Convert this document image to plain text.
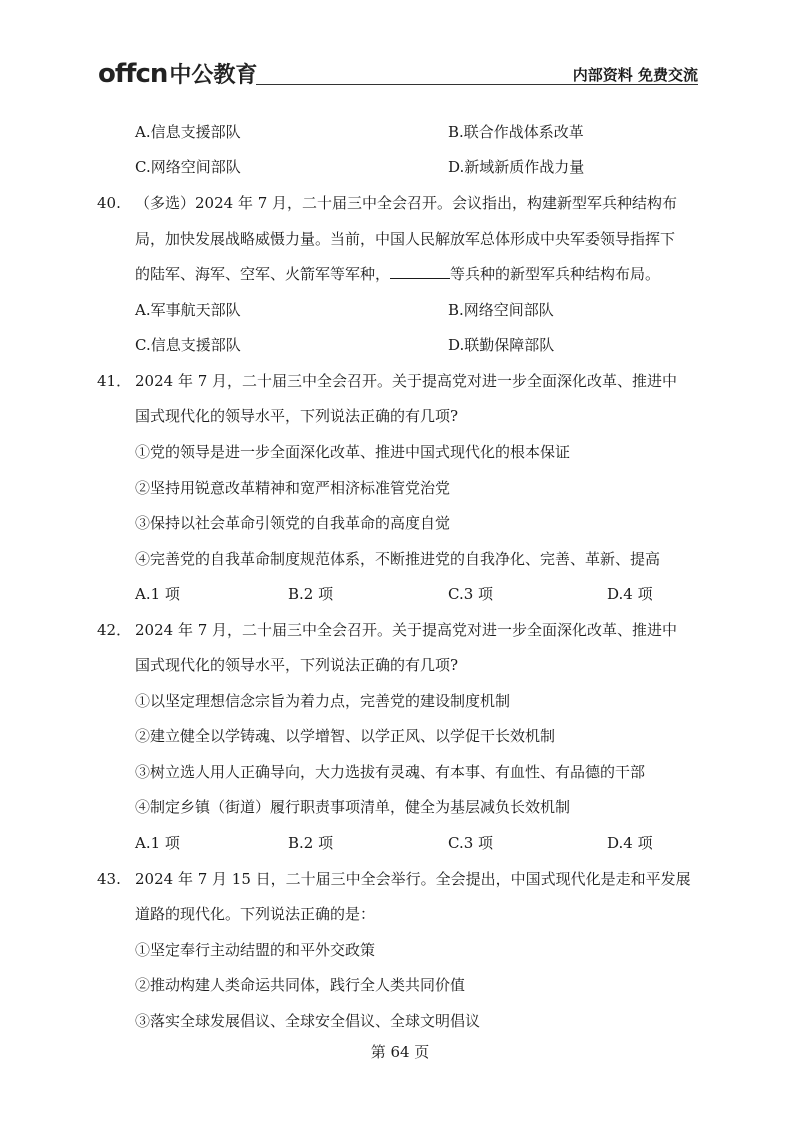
offcn 中公教育	内部资料 免费交流
A.信息支援部队	B.联合作战体系改革
C.网络空间部队	D.新域新质作战力量
40. （多选）2024 年 7 月，二十届三中全会召开。会议指出，构建新型军兵种结构布
局，加快发展战略威慑力量。当前，中国人民解放军总体形成中央军委领导指挥下
的陆军、海军、空军、火箭军等军种，	等兵种的新型军兵种结构布局。
A.军事航天部队	B.网络空间部队
C.信息支援部队	D.联勤保障部队
41． 2024 年 7 月，二十届三中全会召开。关于提高党对进一步全面深化改革、推进中
国式现代化的领导水平，下列说法正确的有几项?
①党的领导是进一步全面深化改革、推进中国式现代化的根本保证
②坚持用锐意改革精神和宽严相济标准管党治党
③保持以社会革命引领党的自我革命的高度自觉
④完善党的自我革命制度规范体系，不断推进党的自我净化、完善、革新、提高
A.1 项	B.2 项	C.3 项	D.4 项
42． 2024 年 7 月，二十届三中全会召开。关于提高党对进一步全面深化改革、推进中
国式现代化的领导水平，下列说法正确的有几项?
①以坚定理想信念宗旨为着力点，完善党的建设制度机制
②建立健全以学铸魂、以学增智、以学正风、以学促干长效机制
③树立选人用人正确导向，大力选拔有灵魂、有本事、有血性、有品德的干部
④制定乡镇（街道）履行职责事项清单，健全为基层减负长效机制
A.1 项	B.2 项	C.3 项	D.4 项
43. 2024 年 7 月 15 日，二十届三中全会举行。全会提出，中国式现代化是走和平发展
道路的现代化。下列说法正确的是：
①坚定奉行主动结盟的和平外交政策
②推动构建人类命运共同体，践行全人类共同价值
③落实全球发展倡议、全球安全倡议、全球文明倡议
第 64 页
